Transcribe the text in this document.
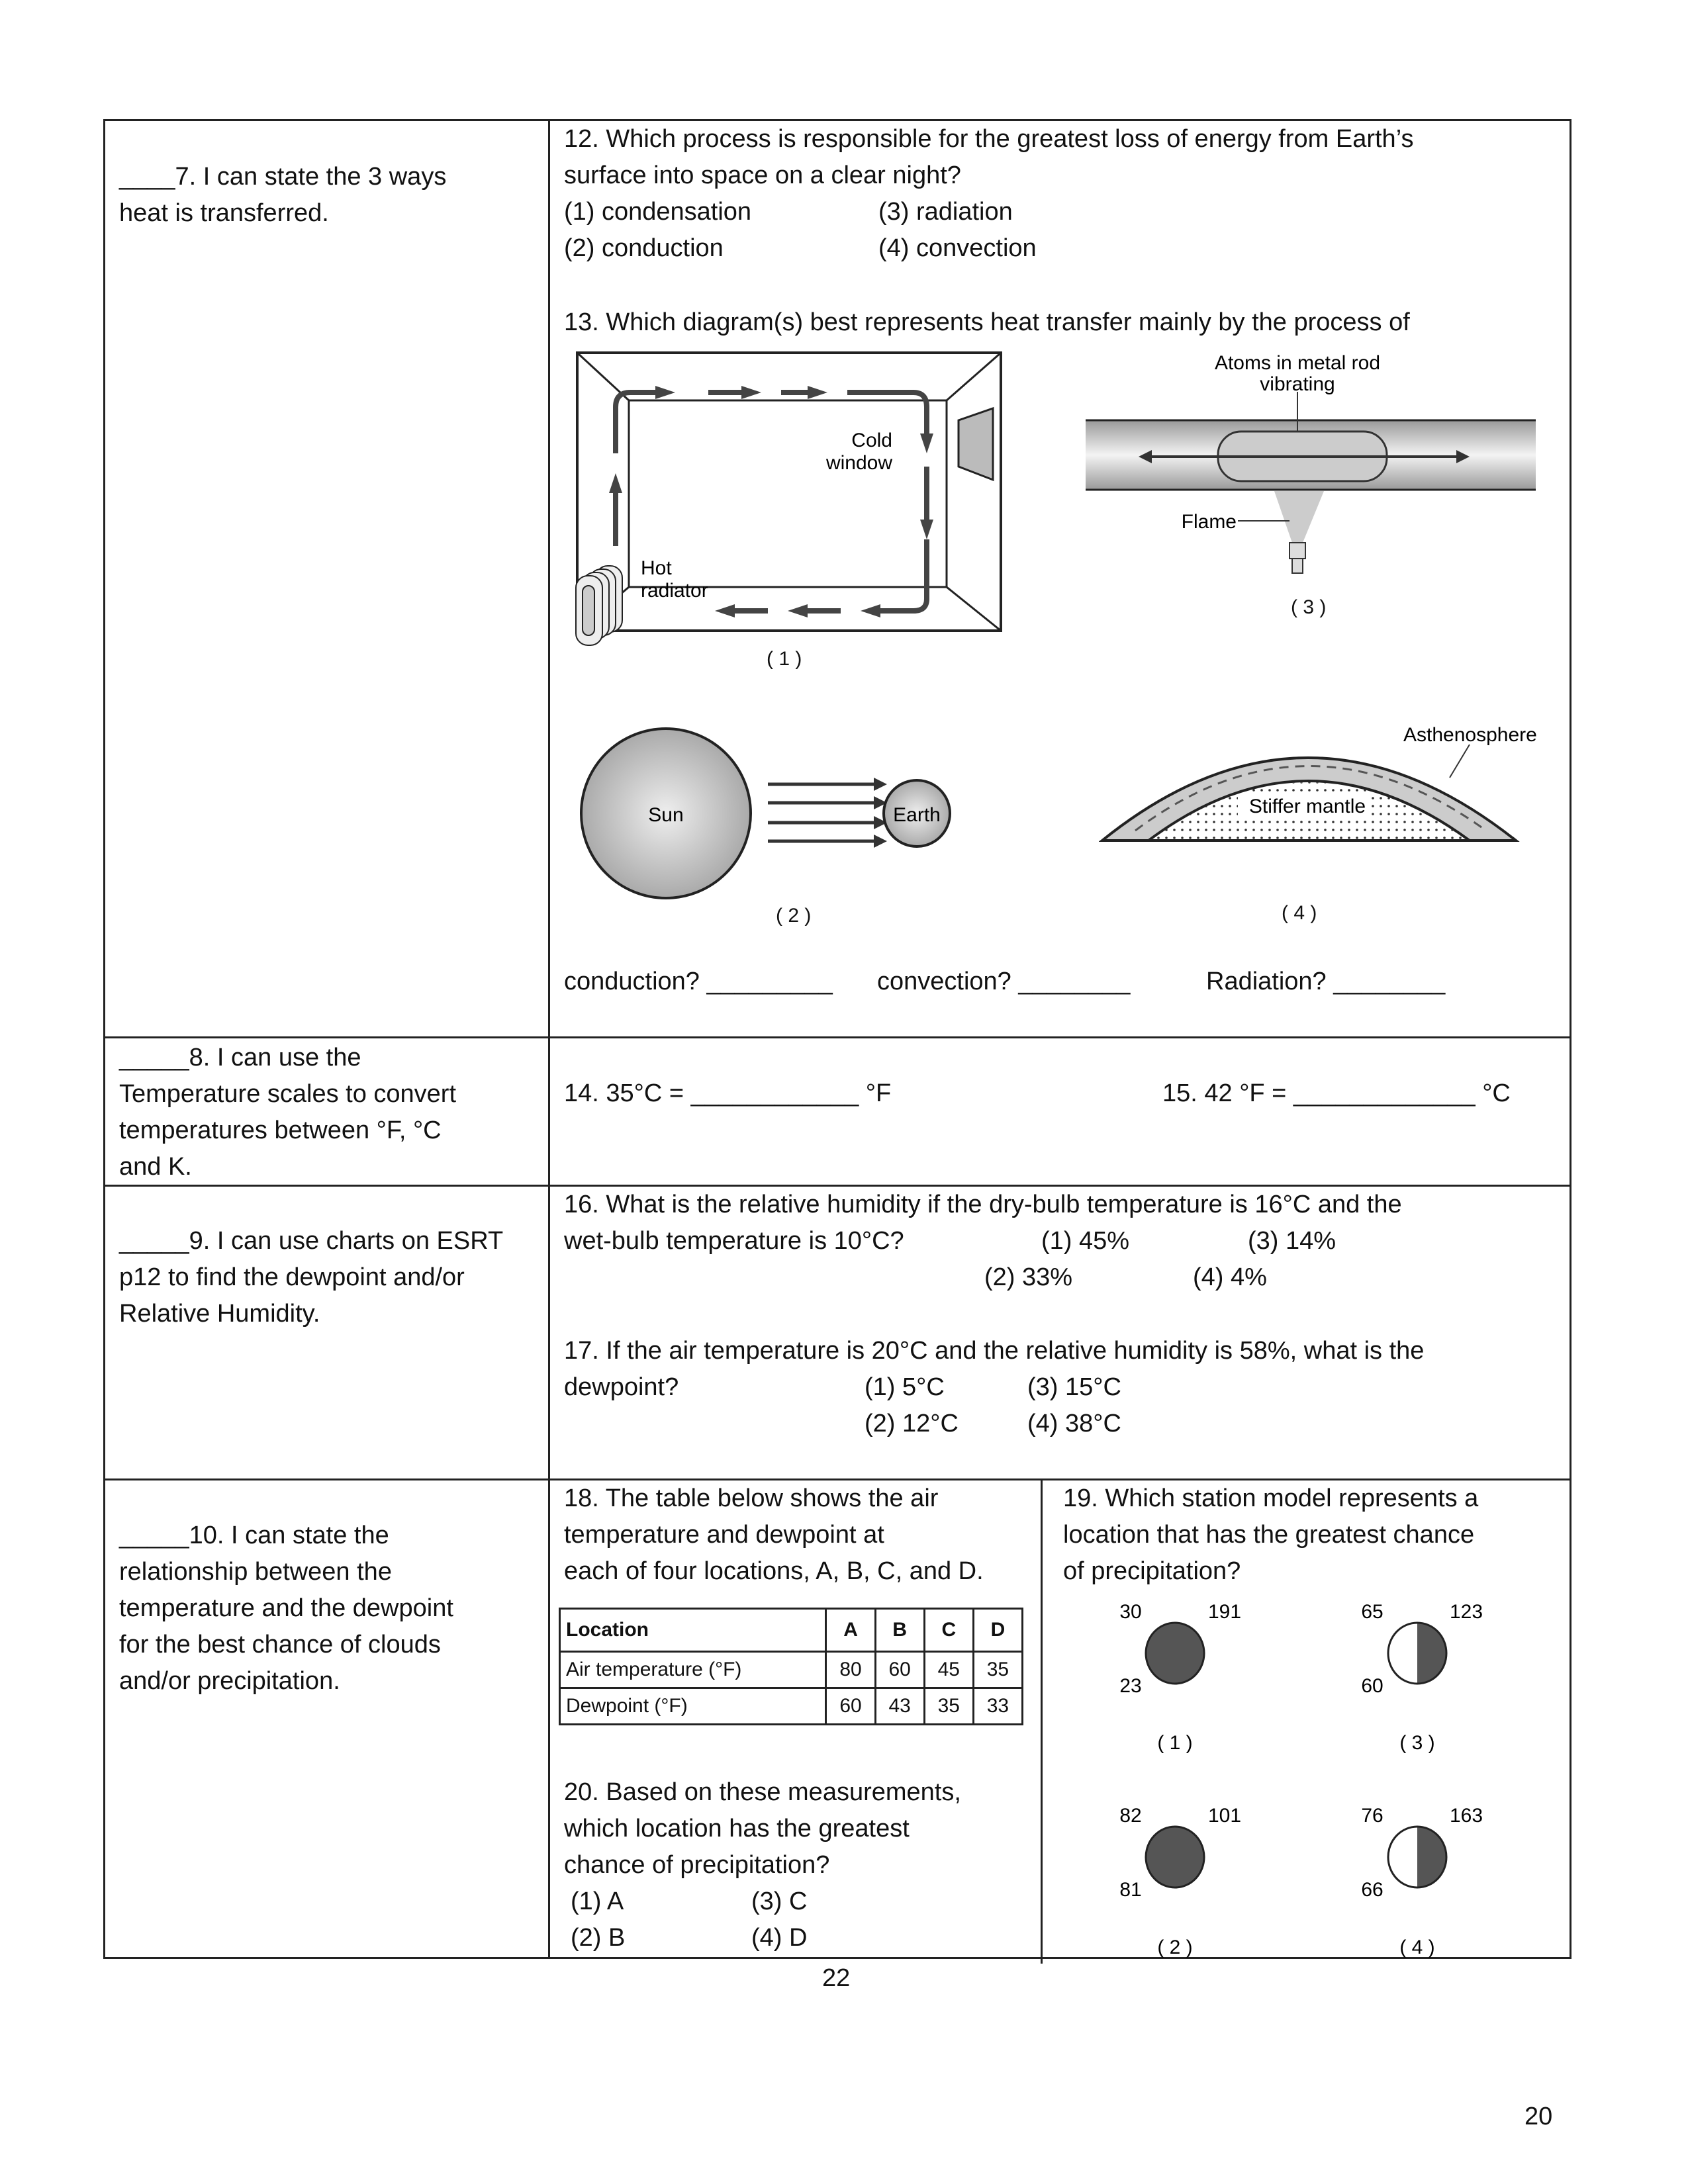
____7. I can state the 3 ways
heat is transferred.
12. Which process is responsible for the greatest loss of energy from Earth’s
surface into space on a clear night?
(1) condensation
(2) conduction
(3) radiation
(4) convection
13. Which diagram(s) best represents heat transfer mainly by the process of
Hot
radiator
Cold
window
( 1 )
Atoms in metal rod
vibrating
Flame
( 3 )
Sun	Earth
( 2 )
Stiffer mantle
Asthenosphere
( 4 )
conduction? _________ convection? ________	Radiation? ________
_____8. I can use the
Temperature scales to convert
temperatures between °F, °C
and K.
14. 35°C = ____________ °F	15. 42 °F = _____________ °C
_____9. I can use charts on ESRT
p12 to find the dewpoint and/or
Relative Humidity.
16. What is the relative humidity if the dry-bulb temperature is 16°C and the
wet-bulb temperature is 10°C?	(1) 45%	(3) 14%
(2) 33%	(4) 4%
17. If the air temperature is 20°C and the relative humidity is 58%, what is the
dewpoint?	(1) 5°C	(3) 15°C
(2) 12°C	(4) 38°C
_____10. I can state the
relationship between the
temperature and the dewpoint
for the best chance of clouds
and/or precipitation.
18. The table below shows the air
temperature and dewpoint at
each of four locations, A, B, C, and D.
Location	A	B	C	D
Air temperature (°F)	80	60	45	35
Dewpoint (°F)	60	43	35	33
20. Based on these measurements,
which location has the greatest
chance of precipitation?
(1) A
(2) B
(3) C
(4) D
19. Which station model represents a
location that has the greatest chance
of precipitation?
30	191
23
( 1 )
65	123
60
( 3 )
82	101
81
( 2 )
76	163
66
( 4 )
22
20
